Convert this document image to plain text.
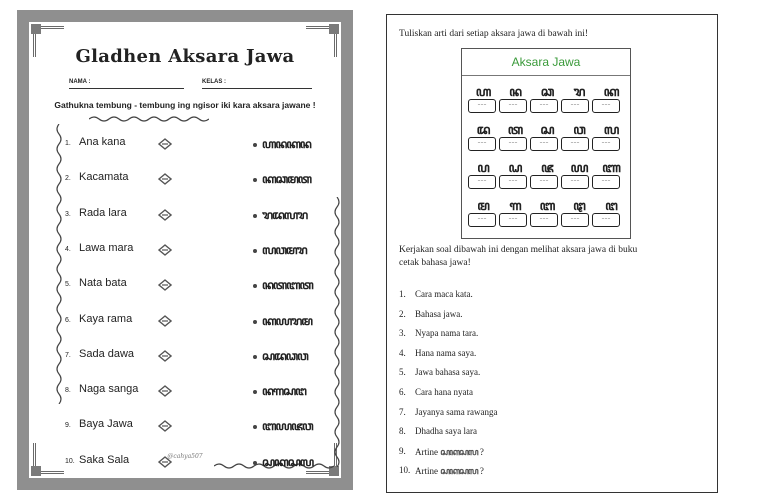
Gladhen Aksara Jawa
NAMA :	KELAS :
Gathukna tembung - tembung ing ngisor iki kara aksara jawane !
1. Ana kana	ꦲꦤꦏꦤ
2. Kacamata	ꦏꦕꦩꦠ
3. Rada lara	ꦫꦢꦭꦫ
4. Lawa mara	ꦭꦮꦩꦫ
5. Nata bata	ꦤꦠꦧꦠ
6. Kaya rama	ꦏꦪꦫꦩ
7. Sada dawa	ꦱꦢꦣꦮ
8. Naga sanga	ꦤꦒꦱꦔ
9. Baya Jawa	ꦧꦪꦗꦮ
10. Saka Sala	ꦱꦏꦱꦭ
@cahya507
Tuliskan arti dari setiap aksara jawa di bawah ini!
Aksara Jawa
ꦲ	ꦤ	ꦕ	ꦫ	ꦏ
......	......	......	......	......
ꦢ	ꦠ	ꦱ	ꦮ	ꦭ
......	......	......	......	......
ꦥ	ꦝ	ꦗ	ꦪ	ꦚ
......	......	......	......	......
ꦩ	ꦒ	ꦧ	ꦛ	ꦔ
......	......	......	......	......
Kerjakan soal dibawah ini dengan melihat aksara jawa di buku cetak bahasa jawa!
1. Cara maca kata.
2. Bahasa jawa.
3. Nyapa nama tara.
4. Hana nama saya.
5. Jawa bahasa saya.
6. Cara hana nyata
7. Jayanya sama rawanga
8. Dhadha saya lara
9. Artine ꦱꦏꦱꦭ ?
10. Artine ꦱꦏꦱꦭ ?
